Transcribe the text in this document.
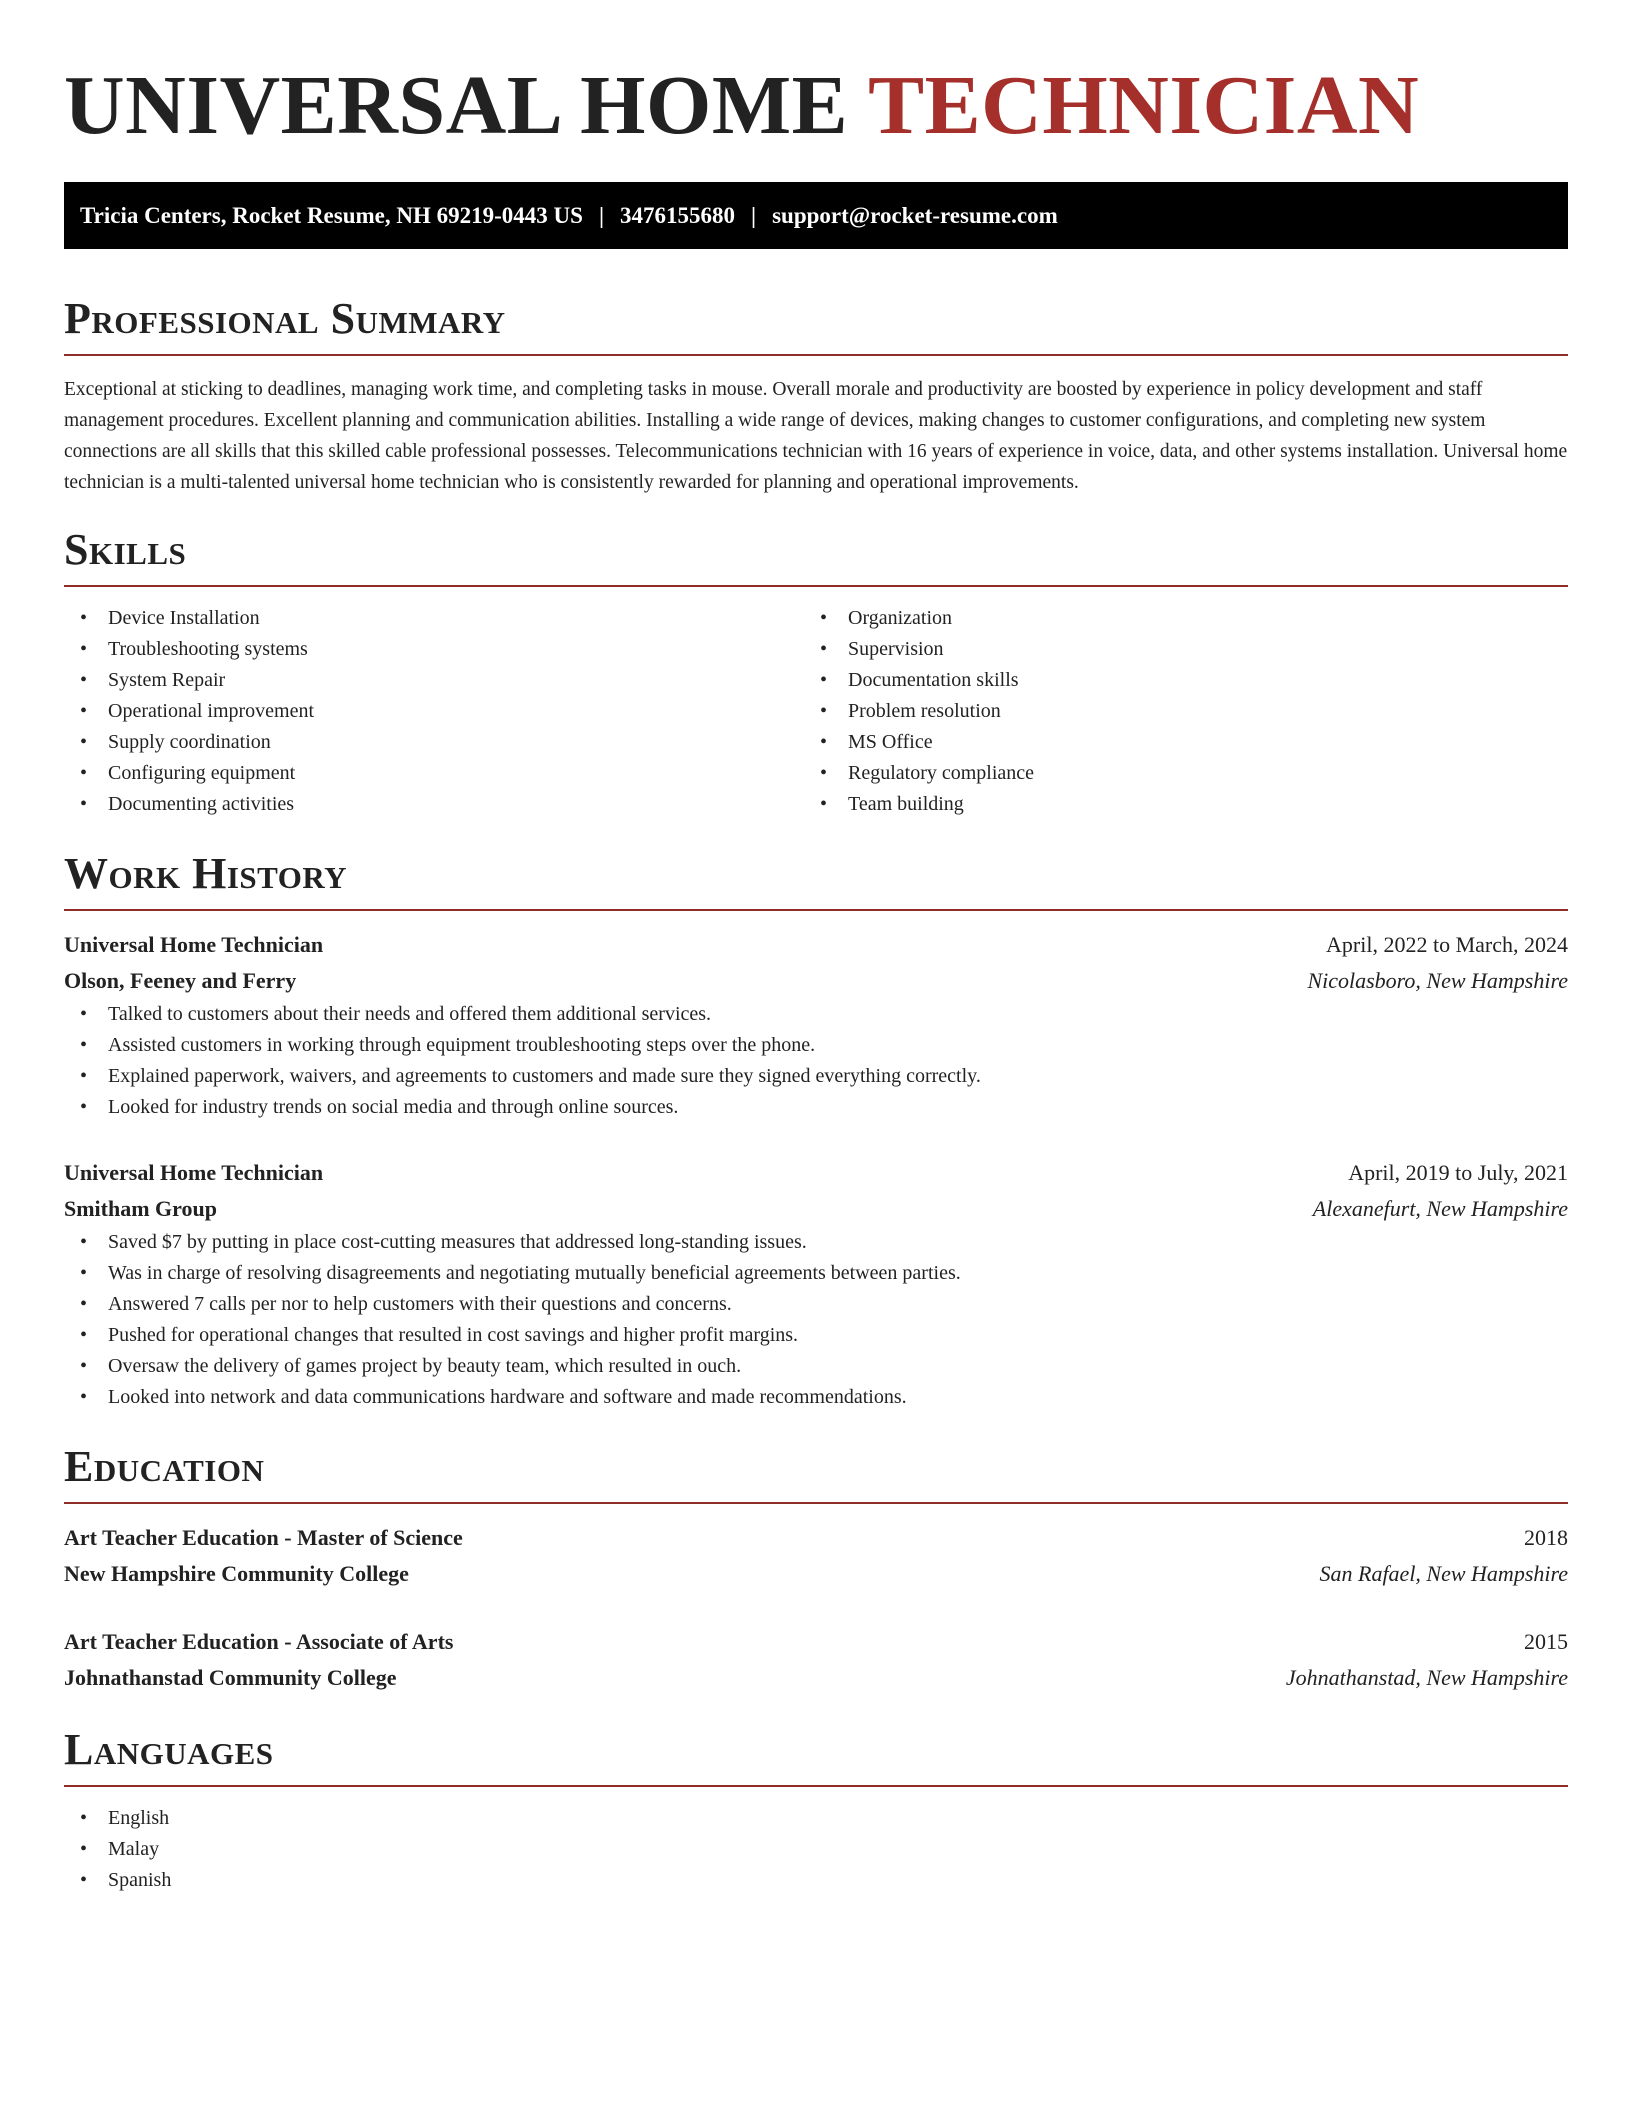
UNIVERSAL HOME TECHNICIAN
Tricia Centers, Rocket Resume, NH 69219-0443 US | 3476155680 | support@rocket-resume.com
Professional Summary

Exceptional at sticking to deadlines, managing work time, and completing tasks in mouse. Overall morale and productivity are boosted by experience in policy development and staff management procedures. Excellent planning and communication abilities. Installing a wide range of devices, making changes to customer configurations, and completing new system connections are all skills that this skilled cable professional possesses. Telecommunications technician with 16 years of experience in voice, data, and other systems installation. Universal home technician is a multi-talented universal home technician who is consistently rewarded for planning and operational improvements.

Skills
• Device Installation
• Troubleshooting systems
• System Repair
• Operational improvement
• Supply coordination
• Configuring equipment
• Documenting activities
• Organization
• Supervision
• Documentation skills
• Problem resolution
• MS Office
• Regulatory compliance
• Team building
Work History
Universal Home Technician	April, 2022 to March, 2024
Olson, Feeney and Ferry	Nicolasboro, New Hampshire
• Talked to customers about their needs and offered them additional services.
• Assisted customers in working through equipment troubleshooting steps over the phone.
• Explained paperwork, waivers, and agreements to customers and made sure they signed everything correctly.
• Looked for industry trends on social media and through online sources.
Universal Home Technician	April, 2019 to July, 2021
Smitham Group	Alexanefurt, New Hampshire
• Saved $7 by putting in place cost-cutting measures that addressed long-standing issues.
• Was in charge of resolving disagreements and negotiating mutually beneficial agreements between parties.
• Answered 7 calls per nor to help customers with their questions and concerns.
• Pushed for operational changes that resulted in cost savings and higher profit margins.
• Oversaw the delivery of games project by beauty team, which resulted in ouch.
• Looked into network and data communications hardware and software and made recommendations.
Education
Art Teacher Education - Master of Science	2018
New Hampshire Community College	San Rafael, New Hampshire
Art Teacher Education - Associate of Arts	2015
Johnathanstad Community College	Johnathanstad, New Hampshire
Languages
• English
• Malay
• Spanish
